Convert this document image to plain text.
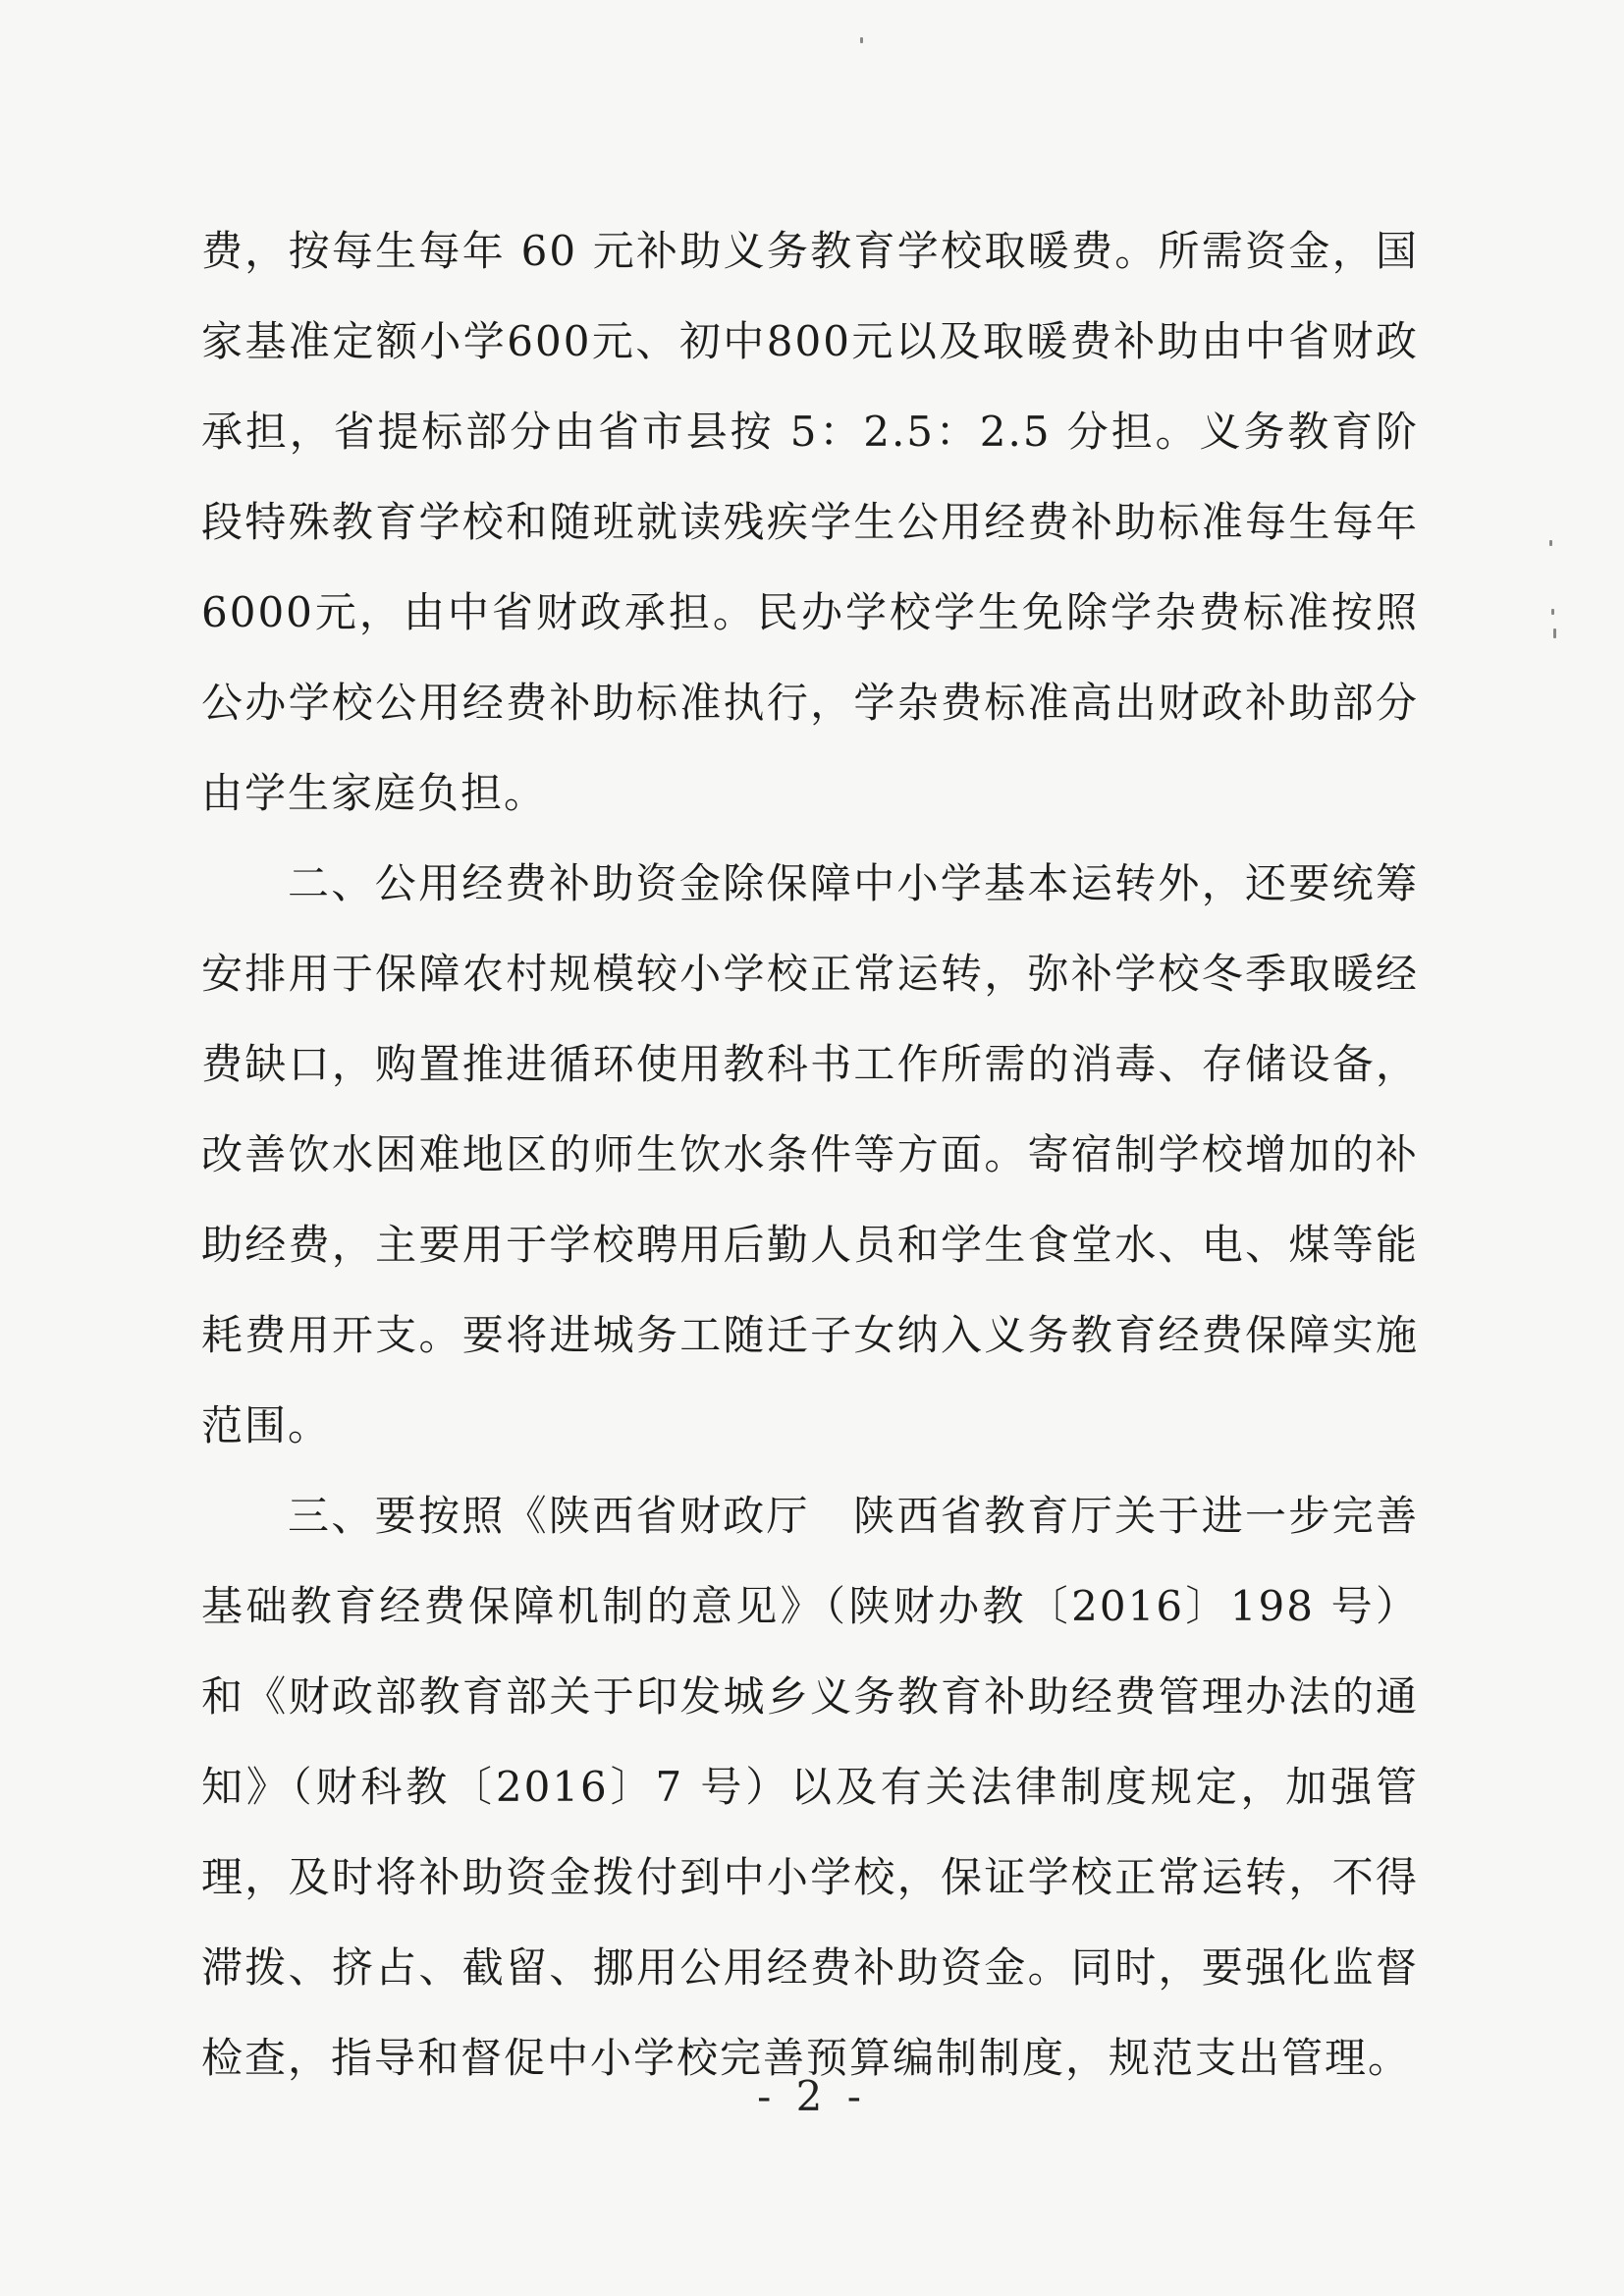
费，按每生每年 60 元补助义务教育学校取暖费。所需资金，国家基准定额小学600元、初中800元以及取暖费补助由中省财政承担，省提标部分由省市县按 5：2.5：2.5 分担。义务教育阶段特殊教育学校和随班就读残疾学生公用经费补助标准每生每年6000元，由中省财政承担。民办学校学生免除学杂费标准按照公办学校公用经费补助标准执行，学杂费标准高出财政补助部分由学生家庭负担。

二、公用经费补助资金除保障中小学基本运转外，还要统筹安排用于保障农村规模较小学校正常运转，弥补学校冬季取暖经费缺口，购置推进循环使用教科书工作所需的消毒、存储设备，改善饮水困难地区的师生饮水条件等方面。寄宿制学校增加的补助经费，主要用于学校聘用后勤人员和学生食堂水、电、煤等能耗费用开支。要将进城务工随迁子女纳入义务教育经费保障实施范围。

三、要按照《陕西省财政厅　陕西省教育厅关于进一步完善基础教育经费保障机制的意见》（陕财办教〔2016〕198 号）和《财政部教育部关于印发城乡义务教育补助经费管理办法的通知》（财科教〔2016〕7 号）以及有关法律制度规定，加强管理，及时将补助资金拨付到中小学校，保证学校正常运转，不得滞拨、挤占、截留、挪用公用经费补助资金。同时，要强化监督检查，指导和督促中小学校完善预算编制制度，规范支出管理。

- 2 -
